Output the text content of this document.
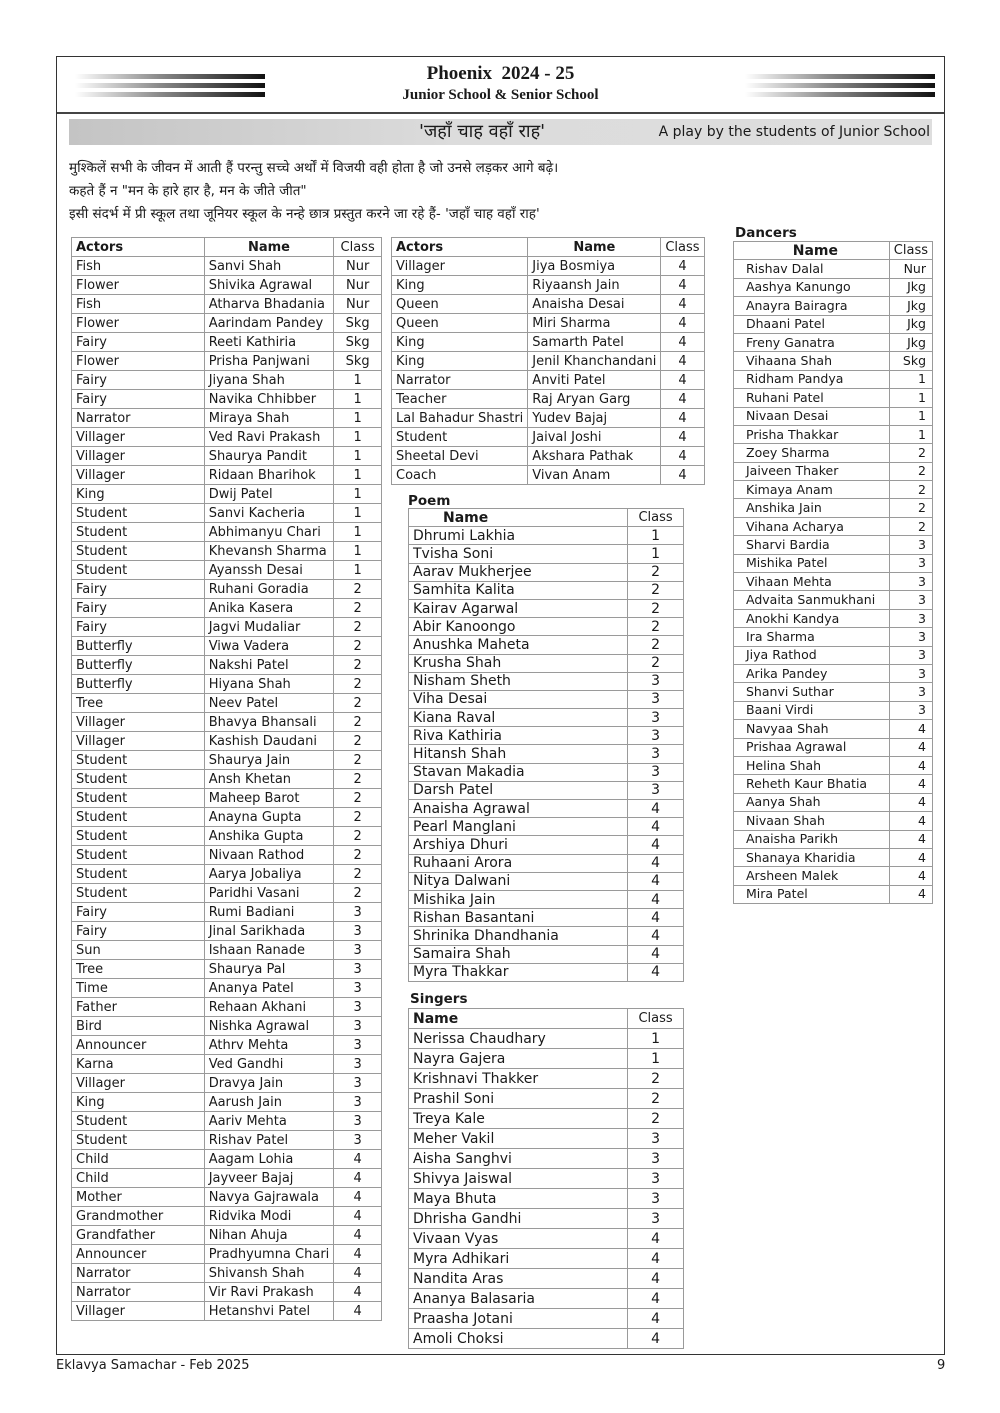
Phoenix  2024 - 25
Junior School & Senior School
'जहाँ चाह वहाँ राह'	A play by the students of Junior School
मुश्किलें सभी के जीवन में आती हैं परन्तु सच्चे अर्थों में विजयी वही होता है जो उनसे लड़कर आगे बढ़े।
कहते हैं न "मन के हारे हार है, मन के जीते जीत"
इसी संदर्भ में प्री स्कूल तथा जूनियर स्कूल के नन्हे छात्र प्रस्तुत करने जा रहे हैं- 'जहाँ चाह वहाँ राह'
Actors	Name	Class
Fish	Sanvi Shah	Nur
Flower	Shivika Agrawal	Nur
Fish	Atharva Bhadania	Nur
Flower	Aarindam Pandey	Skg
Fairy	Reeti Kathiria	Skg
Flower	Prisha Panjwani	Skg
Fairy	Jiyana Shah	1
Fairy	Navika Chhibber	1
Narrator	Miraya Shah	1
Villager	Ved Ravi Prakash	1
Villager	Shaurya Pandit	1
Villager	Ridaan Bharihok	1
King	Dwij Patel	1
Student	Sanvi Kacheria	1
Student	Abhimanyu Chari	1
Student	Khevansh Sharma	1
Student	Ayanssh Desai	1
Fairy	Ruhani Goradia	2
Fairy	Anika Kasera	2
Fairy	Jagvi Mudaliar	2
Butterfly	Viwa Vadera	2
Butterfly	Nakshi Patel	2
Butterfly	Hiyana Shah	2
Tree	Neev Patel	2
Villager	Bhavya Bhansali	2
Villager	Kashish Daudani	2
Student	Shaurya Jain	2
Student	Ansh Khetan	2
Student	Maheep Barot	2
Student	Anayna Gupta	2
Student	Anshika Gupta	2
Student	Nivaan Rathod	2
Student	Aarya Jobaliya	2
Student	Paridhi Vasani	2
Fairy	Rumi Badiani	3
Fairy	Jinal Sarikhada	3
Sun	Ishaan Ranade	3
Tree	Shaurya Pal	3
Time	Ananya Patel	3
Father	Rehaan Akhani	3
Bird	Nishka Agrawal	3
Announcer	Athrv Mehta	3
Karna	Ved Gandhi	3
Villager	Dravya Jain	3
King	Aarush Jain	3
Student	Aariv Mehta	3
Student	Rishav Patel	3
Child	Aagam Lohia	4
Child	Jayveer Bajaj	4
Mother	Navya Gajrawala	4
Grandmother	Ridvika Modi	4
Grandfather	Nihan Ahuja	4
Announcer	Pradhyumna Chari	4
Narrator	Shivansh Shah	4
Narrator	Vir Ravi Prakash	4
Villager	Hetanshvi Patel	4
Actors	Name	Class
Villager	Jiya Bosmiya	4
King	Riyaansh Jain	4
Queen	Anaisha Desai	4
Queen	Miri Sharma	4
King	Samarth Patel	4
King	Jenil Khanchandani	4
Narrator	Anviti Patel	4
Teacher	Raj Aryan Garg	4
Lal Bahadur Shastri	Yudev Bajaj	4
Student	Jaival Joshi	4
Sheetal Devi	Akshara Pathak	4
Coach	Vivan Anam	4
Poem
Name	Class
Dhrumi Lakhia	1
Tvisha Soni	1
Aarav Mukherjee	2
Samhita Kalita	2
Kairav Agarwal	2
Abir Kanoongo	2
Anushka Maheta	2
Krusha Shah	2
Nisham Sheth	3
Viha Desai	3
Kiana Raval	3
Riva Kathiria	3
Hitansh Shah	3
Stavan Makadia	3
Darsh Patel	3
Anaisha Agrawal	4
Pearl Manglani	4
Arshiya Dhuri	4
Ruhaani Arora	4
Nitya Dalwani	4
Mishika Jain	4
Rishan Basantani	4
Shrinika Dhandhania	4
Samaira Shah	4
Myra Thakkar	4
Singers
Name	Class
Nerissa Chaudhary	1
Nayra Gajera	1
Krishnavi Thakker	2
Prashil Soni	2
Treya Kale	2
Meher Vakil	3
Aisha Sanghvi	3
Shivya Jaiswal	3
Maya Bhuta	3
Dhrisha Gandhi	3
Vivaan Vyas	4
Myra Adhikari	4
Nandita Aras	4
Ananya Balasaria	4
Praasha Jotani	4
Amoli Choksi	4
Dancers
Name	Class
Rishav Dalal	Nur
Aashya Kanungo	Jkg
Anayra Bairagra	Jkg
Dhaani Patel	Jkg
Freny Ganatra	Jkg
Vihaana Shah	Skg
Ridham Pandya	1
Ruhani Patel	1
Nivaan Desai	1
Prisha Thakkar	1
Zoey Sharma	2
Jaiveen Thaker	2
Kimaya Anam	2
Anshika Jain	2
Vihana Acharya	2
Sharvi Bardia	3
Mishika Patel	3
Vihaan Mehta	3
Advaita Sanmukhani	3
Anokhi Kandya	3
Ira Sharma	3
Jiya Rathod	3
Arika Pandey	3
Shanvi Suthar	3
Baani Virdi	3
Navyaa Shah	4
Prishaa Agrawal	4
Helina Shah	4
Reheth Kaur Bhatia	4
Aanya Shah	4
Nivaan Shah	4
Anaisha Parikh	4
Shanaya Kharidia	4
Arsheen Malek	4
Mira Patel	4
Eklavya Samachar - Feb 2025	9
